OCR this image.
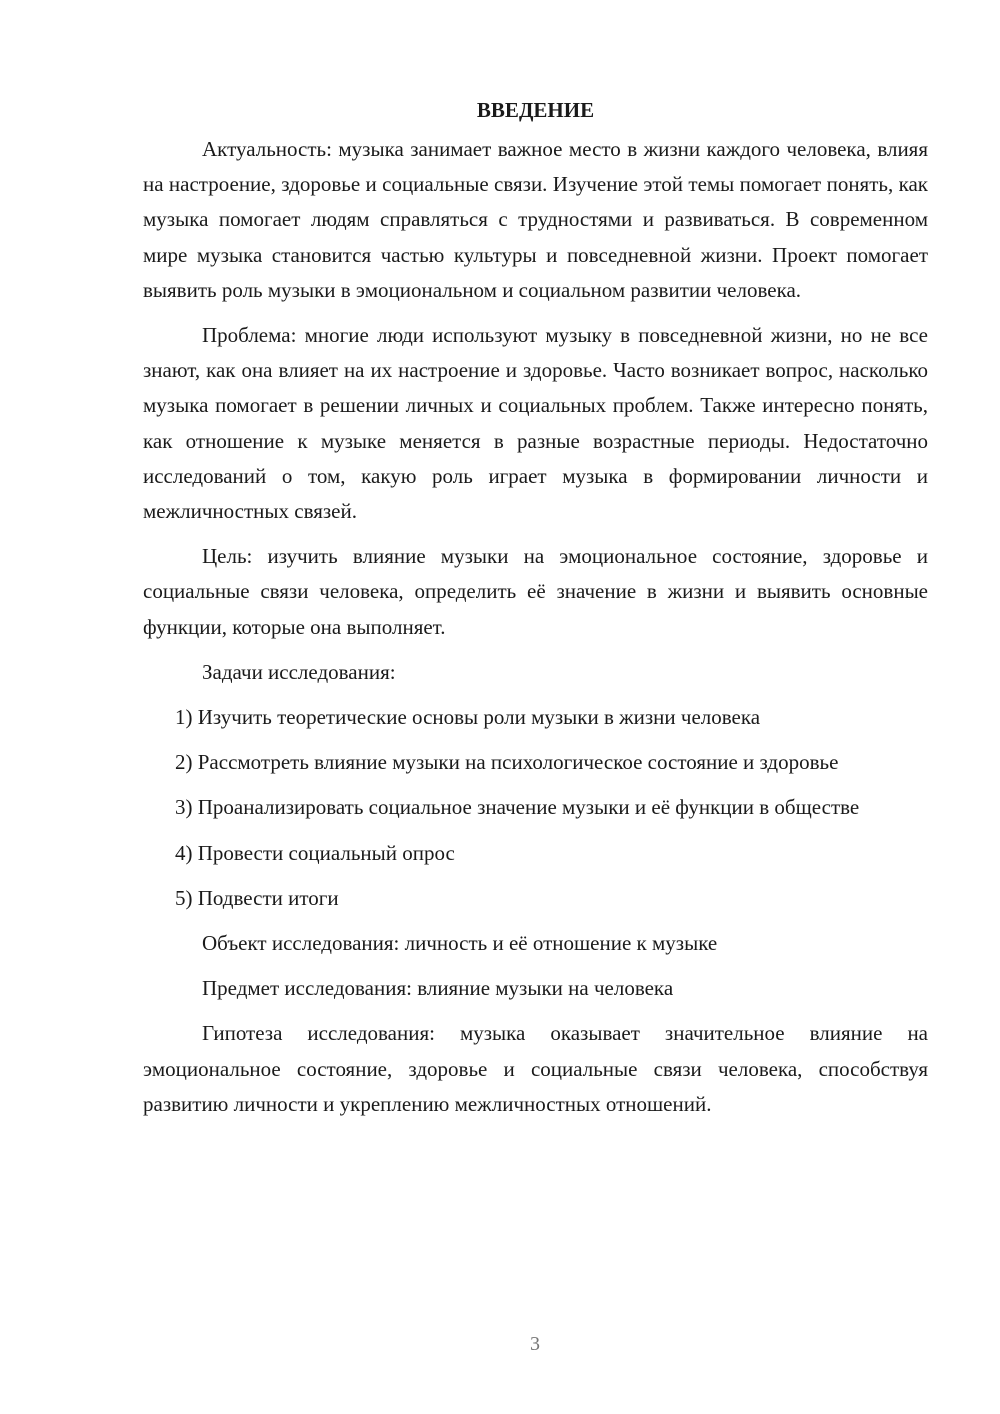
ВВЕДЕНИЕ

Актуальность: музыка занимает важное место в жизни каждого человека, влияя на настроение, здоровье и социальные связи. Изучение этой темы помогает понять, как музыка помогает людям справляться с трудностями и развиваться. В современном мире музыка становится частью культуры и повседневной жизни. Проект помогает выявить роль музыки в эмоциональном и социальном развитии человека.

Проблема: многие люди используют музыку в повседневной жизни, но не все знают, как она влияет на их настроение и здоровье. Часто возникает вопрос, насколько музыка помогает в решении личных и социальных проблем. Также интересно понять, как отношение к музыке меняется в разные возрастные периоды. Недостаточно исследований о том, какую роль играет музыка в формировании личности и межличностных связей.

Цель: изучить влияние музыки на эмоциональное состояние, здоровье и социальные связи человека, определить её значение в жизни и выявить основные функции, которые она выполняет.

Задачи исследования:

1) Изучить теоретические основы роли музыки в жизни человека

2) Рассмотреть влияние музыки на психологическое состояние и здоровье

3) Проанализировать социальное значение музыки и её функции в обществе

4) Провести социальный опрос

5) Подвести итоги

Объект исследования: личность и её отношение к музыке

Предмет исследования: влияние музыки на человека

Гипотеза исследования: музыка оказывает значительное влияние на эмоциональное состояние, здоровье и социальные связи человека, способствуя развитию личности и укреплению межличностных отношений.

3
